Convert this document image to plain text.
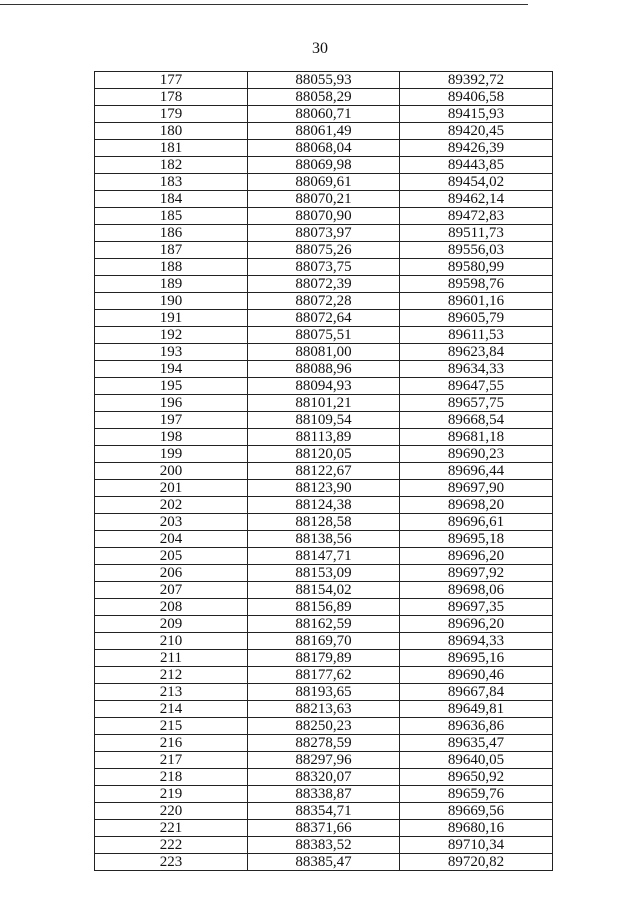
30
177	88055,93	89392,72
178	88058,29	89406,58
179	88060,71	89415,93
180	88061,49	89420,45
181	88068,04	89426,39
182	88069,98	89443,85
183	88069,61	89454,02
184	88070,21	89462,14
185	88070,90	89472,83
186	88073,97	89511,73
187	88075,26	89556,03
188	88073,75	89580,99
189	88072,39	89598,76
190	88072,28	89601,16
191	88072,64	89605,79
192	88075,51	89611,53
193	88081,00	89623,84
194	88088,96	89634,33
195	88094,93	89647,55
196	88101,21	89657,75
197	88109,54	89668,54
198	88113,89	89681,18
199	88120,05	89690,23
200	88122,67	89696,44
201	88123,90	89697,90
202	88124,38	89698,20
203	88128,58	89696,61
204	88138,56	89695,18
205	88147,71	89696,20
206	88153,09	89697,92
207	88154,02	89698,06
208	88156,89	89697,35
209	88162,59	89696,20
210	88169,70	89694,33
211	88179,89	89695,16
212	88177,62	89690,46
213	88193,65	89667,84
214	88213,63	89649,81
215	88250,23	89636,86
216	88278,59	89635,47
217	88297,96	89640,05
218	88320,07	89650,92
219	88338,87	89659,76
220	88354,71	89669,56
221	88371,66	89680,16
222	88383,52	89710,34
223	88385,47	89720,82
